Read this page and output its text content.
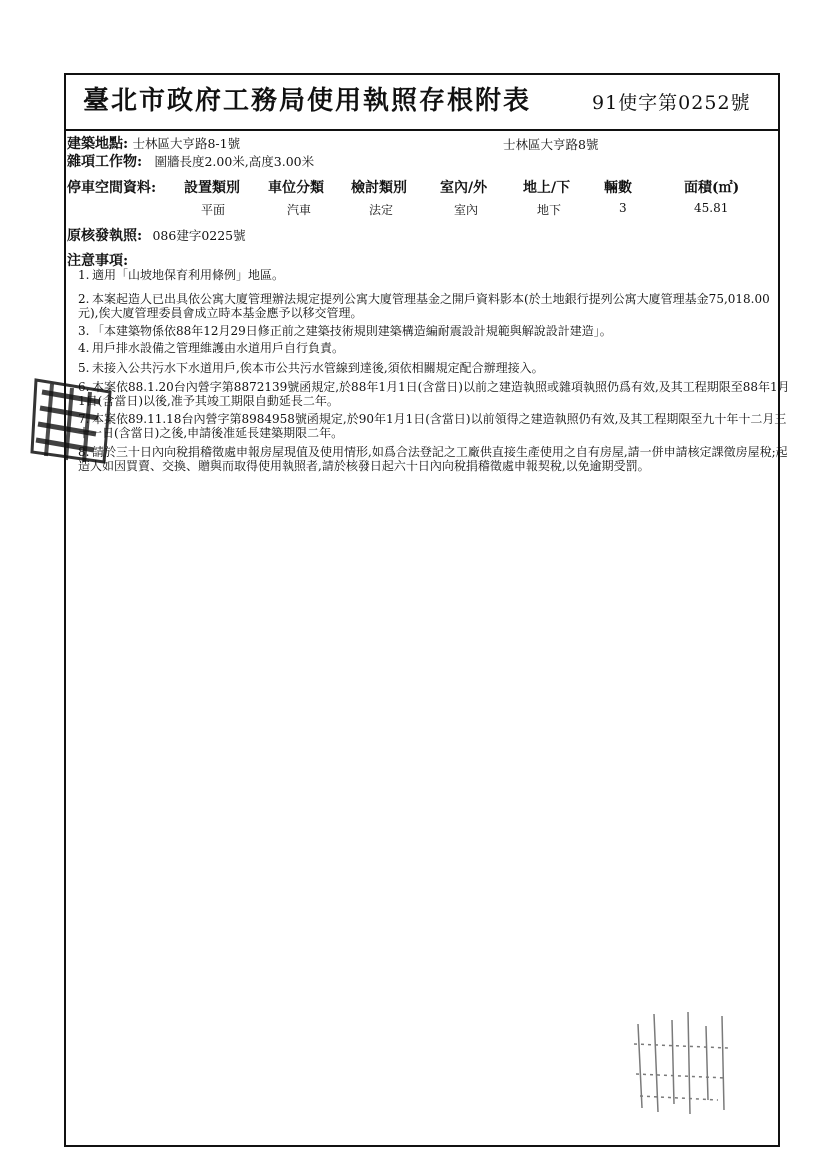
臺北市政府工務局使用執照存根附表	91使字第0252號
建築地點: 士林區大亨路8-1號	士林區大亨路8號
雜項工作物: 圍牆長度2.00米,高度3.00米
停車空間資料: 設置類別 車位分類 檢討類別 室內/外	地上/下 輛數	面積(㎡)
平面	汽車	法定	室內	地下	3	45.81
原核發執照: 086建字0225號
注意事項:
1. 適用「山坡地保育利用條例」地區。
2. 本案起造人已出具依公寓大廈管理辦法規定提列公寓大廈管理基金之開戶資料影本(於土地銀行提列公寓大廈管理基金75,018.00元),俟大廈管理委員會成立時本基金應予以移交管理。
3. 「本建築物係依88年12月29日修正前之建築技術規則建築構造編耐震設計規範與解說設計建造」。
4. 用戶排水設備之管理維護由水道用戶自行負責。
5. 未接入公共污水下水道用戶,俟本市公共污水管線到達後,須依相關規定配合辦理接入。
6. 本案依88.1.20台內營字第8872139號函規定,於88年1月1日(含當日)以前之建造執照或雜項執照仍爲有效,及其工程期限至88年1月1日(含當日)以後,准予其竣工期限自動延長二年。
7. 本案依89.11.18台內營字第8984958號函規定,於90年1月1日(含當日)以前領得之建造執照仍有效,及其工程期限至九十年十二月三十一日(含當日)之後,申請後准延長建築期限二年。
8. 請於三十日內向稅捐稽徵處申報房屋現值及使用情形,如爲合法登記之工廠供直接生產使用之自有房屋,請一併申請核定課徵房屋稅;起造人如因買賣、交換、贈與而取得使用執照者,請於核發日起六十日內向稅捐稽徵處申報契稅,以免逾期受罰。
